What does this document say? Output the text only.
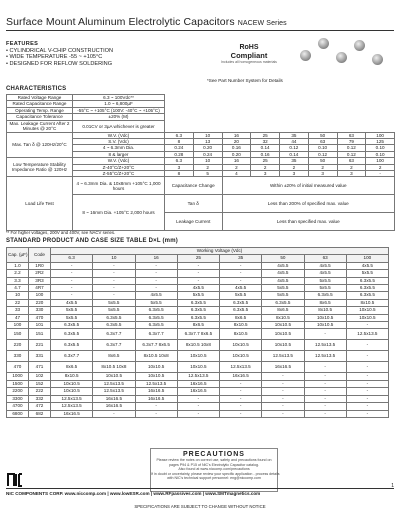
Surface Mount Aluminum Electrolytic Capacitors NACEW Series
FEATURES
• CYLINDRICAL V-CHIP CONSTRUCTION
• WIDE TEMPERATURE -55 ~ +105°C
• DESIGNED FOR REFLOW SOLDERING
RoHS
Compliant
Includes all homogeneous materials
*See Part Number System for Details
CHARACTERISTICS
Rated Voltage Range	6.3 ~ 100Vdc**								
Rated Capacitance Range	1.0 ~ 6,800µF								
Operating Temp. Range	-55°C ~ +105°C (100V: -40°C ~ +105°C)								
Capacitance Tolerance	±20% (M)								
Max. Leakage Current After 2 Minutes @ 20°C	0.01CV or 3µA whichever is greater								
Max. Tan δ @ 120Hz/20°C	W.V. (Vdc)	6.3	10	16	25	35	50	63	100
	S.V. (Vdc)	8	13	20	32	44	63	79	125
	4 ~ 6.3mm Dia.	0.24	0.20	0.16	0.14	0.12	0.10	0.12	0.10
	8 & larger	0.28	0.24	0.20	0.16	0.14	0.12	0.12	0.10
Low Temperature Stability Impedance Ratio @ 120Hz	W.V. (Vdc)	6.3	10	16	25	35	50	63	100
	Z-40°C/Z+20°C	3	2	2	2	2	2	2	2
	Z-55°C/Z+20°C	8	5	4	3	3	3	3	-
Load Life Test	4 ~ 6.3mm Dia. & 10x8mm +105°C 1,000 hours	Capacitance Change		Within ±20% of initial measured value					
	8 ~ 16mm Dia. +105°C 2,000 hours	Tan δ		Less than 200% of specified max. value					
		Leakage Current		Less than specified max. value					
** For higher voltages, 200V and 400V, see NACV series.
STANDARD PRODUCT AND CASE SIZE TABLE D×L (mm)
Cap. (µF)	Code	Working Voltage (Vdc)							
		6.3	10	16	25	35	50	63	100
1.0	1R0	-	-	-	-	-	4x5.5	4x5.5	4x5.5
2.2	2R2	-	-	-	-	-	4x5.5	4x5.5	5x5.5
3.3	3R3	-	-	-	-	-	4x5.5	5x5.5	6.3x5.5
4.7	4R7	-	-	-	4x5.5	4x5.5	5x5.5	5x5.5	6.3x5.5
10	100	-	-	4x5.5	5x5.5	5x5.5	5x5.5	6.3x5.5	6.3x5.5
22	220	4x5.5	5x5.5	5x5.5	6.3x5.5	6.3x5.5	6.3x5.5	8x6.5	8x10.5
33	330	5x5.5	5x5.5	6.3x5.5	6.3x5.5	6.3x5.5	8x6.5	8x10.5	10x10.5
47	470	5x5.5	6.3x5.5	6.3x5.5	6.3x5.5	8x6.5	8x10.5	10x10.5	10x10.5
100	101	6.3x5.5	6.3x5.5	6.3x5.5	8x6.5	8x10.5	10x10.5	10x10.5	-
150	151	6.3x5.5	6.3x7.7	6.3x7.7	6.3x7.7 8x6.5	8x10.5	10x10.5	-	12.5x13.5
220	221	6.3x5.5	6.3x7.7	6.3x7.7 8x6.5	8x10.5 10x8	10x10.5	10x10.5	12.5x13.5	-
330	331	6.3x7.7	8x6.5	8x10.5 10x8	10x10.5	10x10.5	12.5x13.5	12.5x13.5	-
470	471	8x6.5	8x10.5 10x8	10x10.5	10x10.5	12.5x13.5	16x16.5	-	-
1000	102	8x10.5	10x10.5	10x10.5	12.5x13.5	16x16.5	-	-	-
1500	152	10x10.5	12.5x13.5	12.5x13.5	16x16.5	-	-	-	-
2200	222	10x10.5	12.5x13.5	16x16.5	16x16.5	-	-	-	-
3300	332	12.5x13.5	16x16.5	16x16.5	-	-	-	-	-
4700	472	12.5x13.5	16x16.5	-	-	-	-	-	-
6800	682	16x16.5	-	-	-	-	-	-	-
PRECAUTIONS
Please review the notes on correct use, safety and precautions found on
pages P94 & P15 of NIC's Electrolytic Capacitor catalog.
Also found at www.niccomp.com/precautions
If in doubt or uncertainty, please review your specific application - process details
with NIC's technical support personnel: eng@niccomp.com
NIC COMPONENTS CORP. www.niccomp.com | www.lowESR.com | www.RFpassives.com | www.SMTmagnetics.com
SPECIFICATIONS ARE SUBJECT TO CHANGE WITHOUT NOTICE
1
